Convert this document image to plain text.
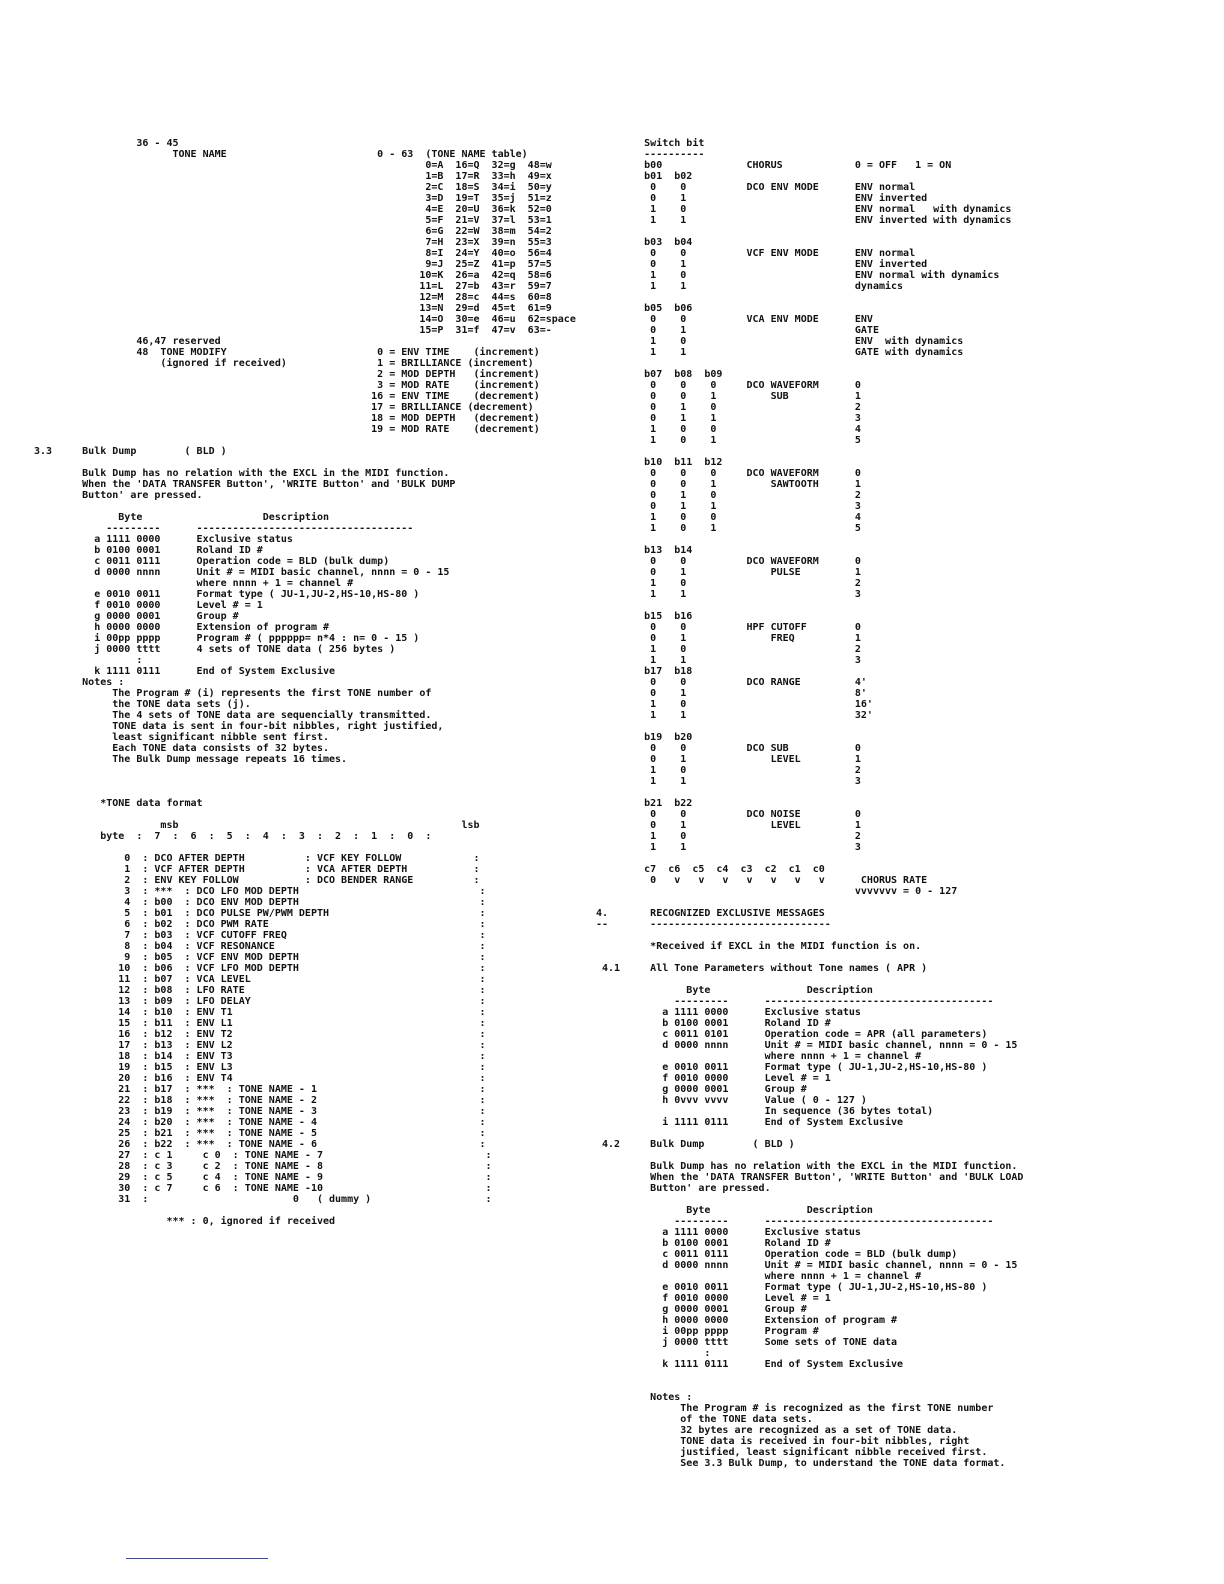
36 - 45
TONE NAME                         0 - 63  (TONE NAME table)
0=A  16=Q  32=g  48=w
1=B  17=R  33=h  49=x
2=C  18=S  34=i  50=y
3=D  19=T  35=j  51=z
4=E  20=U  36=k  52=0
5=F  21=V  37=l  53=1
6=G  22=W  38=m  54=2
7=H  23=X  39=n  55=3
8=I  24=Y  40=o  56=4
9=J  25=Z  41=p  57=5
10=K  26=a  42=q  58=6
11=L  27=b  43=r  59=7
12=M  28=c  44=s  60=8
13=N  29=d  45=t  61=9
14=O  30=e  46=u  62=space
15=P  31=f  47=v  63=-
46,47 reserved
48  TONE MODIFY                         0 = ENV TIME    (increment)
(ignored if received)               1 = BRILLIANCE (increment)
2 = MOD DEPTH   (increment)
3 = MOD RATE    (increment)
16 = ENV TIME    (decrement)
17 = BRILLIANCE (decrement)
18 = MOD DEPTH   (decrement)
19 = MOD RATE    (decrement)

3.3     Bulk Dump        ( BLD )

Bulk Dump has no relation with the EXCL in the MIDI function.
When the 'DATA TRANSFER Button', 'WRITE Button' and 'BULK DUMP
Button' are pressed.

Byte                    Description
---------      ------------------------------------
a 1111 0000      Exclusive status
b 0100 0001      Roland ID #
c 0011 0111      Operation code = BLD (bulk dump)
d 0000 nnnn      Unit # = MIDI basic channel, nnnn = 0 - 15
where nnnn + 1 = channel #
e 0010 0011      Format type ( JU-1,JU-2,HS-10,HS-80 )
f 0010 0000      Level # = 1
g 0000 0001      Group #
h 0000 0000      Extension of program #
i 00pp pppp      Program # ( pppppp= n*4 : n= 0 - 15 )
j 0000 tttt      4 sets of TONE data ( 256 bytes )
:
k 1111 0111      End of System Exclusive
Notes :
The Program # (i) represents the first TONE number of
the TONE data sets (j).
The 4 sets of TONE data are sequencially transmitted.
TONE data is sent in four-bit nibbles, right justified,
least significant nibble sent first.
Each TONE data consists of 32 bytes.
The Bulk Dump message repeats 16 times.

*TONE data format

msb                                               lsb
byte  :  7  :  6  :  5  :  4  :  3  :  2  :  1  :  0  :

0  : DCO AFTER DEPTH          : VCF KEY FOLLOW            :
1  : VCF AFTER DEPTH          : VCA AFTER DEPTH           :
2  : ENV KEY FOLLOW           : DCO BENDER RANGE          :
3  : ***  : DCO LFO MOD DEPTH                              :
4  : b00  : DCO ENV MOD DEPTH                              :
5  : b01  : DCO PULSE PW/PWM DEPTH                         :
6  : b02  : DCO PWM RATE                                   :
7  : b03  : VCF CUTOFF FREQ                                :
8  : b04  : VCF RESONANCE                                  :
9  : b05  : VCF ENV MOD DEPTH                              :
10  : b06  : VCF LFO MOD DEPTH                              :
11  : b07  : VCA LEVEL                                      :
12  : b08  : LFO RATE                                       :
13  : b09  : LFO DELAY                                      :
14  : b10  : ENV T1                                         :
15  : b11  : ENV L1                                         :
16  : b12  : ENV T2                                         :
17  : b13  : ENV L2                                         :
18  : b14  : ENV T3                                         :
19  : b15  : ENV L3                                         :
20  : b16  : ENV T4                                         :
21  : b17  : ***  : TONE NAME - 1                           :
22  : b18  : ***  : TONE NAME - 2                           :
23  : b19  : ***  : TONE NAME - 3                           :
24  : b20  : ***  : TONE NAME - 4                           :
25  : b21  : ***  : TONE NAME - 5                           :
26  : b22  : ***  : TONE NAME - 6                           :
27  : c 1     c 0  : TONE NAME - 7                           :
28  : c 3     c 2  : TONE NAME - 8                           :
29  : c 5     c 4  : TONE NAME - 9                           :
30  : c 7     c 6  : TONE NAME -10                           :
31  :                        0   ( dummy )                   :

*** : 0, ignored if received
Switch bit
----------
b00              CHORUS            0 = OFF   1 = ON
b01  b02
0    0          DCO ENV MODE      ENV normal
0    1                            ENV inverted
1    0                            ENV normal   with dynamics
1    1                            ENV inverted with dynamics

b03  b04
0    0          VCF ENV MODE      ENV normal
0    1                            ENV inverted
1    0                            ENV normal with dynamics
1    1                            dynamics

b05  b06
0    0          VCA ENV MODE      ENV
0    1                            GATE
1    0                            ENV  with dynamics
1    1                            GATE with dynamics

b07  b08  b09
0    0    0     DCO WAVEFORM      0
0    0    1         SUB           1
0    1    0                       2
0    1    1                       3
1    0    0                       4
1    0    1                       5

b10  b11  b12
0    0    0     DCO WAVEFORM      0
0    0    1         SAWTOOTH      1
0    1    0                       2
0    1    1                       3
1    0    0                       4
1    0    1                       5

b13  b14
0    0          DCO WAVEFORM      0
0    1              PULSE         1
1    0                            2
1    1                            3

b15  b16
0    0          HPF CUTOFF        0
0    1              FREQ          1
1    0                            2
1    1                            3
b17  b18
0    0          DCO RANGE         4'
0    1                            8'
1    0                            16'
1    1                            32'

b19  b20
0    0          DCO SUB           0
0    1              LEVEL         1
1    0                            2
1    1                            3

b21  b22
0    0          DCO NOISE         0
0    1              LEVEL         1
1    0                            2
1    1                            3

c7  c6  c5  c4  c3  c2  c1  c0
0   v   v   v   v   v   v   v      CHORUS RATE
vvvvvvv = 0 - 127

4.       RECOGNIZED EXCLUSIVE MESSAGES
--       ------------------------------

*Received if EXCL in the MIDI function is on.

4.1     All Tone Parameters without Tone names ( APR )

Byte                Description
---------      --------------------------------------
a 1111 0000      Exclusive status
b 0100 0001      Roland ID #
c 0011 0101      Operation code = APR (all parameters)
d 0000 nnnn      Unit # = MIDI basic channel, nnnn = 0 - 15
where nnnn + 1 = channel #
e 0010 0011      Format type ( JU-1,JU-2,HS-10,HS-80 )
f 0010 0000      Level # = 1
g 0000 0001      Group #
h 0vvv vvvv      Value ( 0 - 127 )
In sequence (36 bytes total)
i 1111 0111      End of System Exclusive

4.2     Bulk Dump        ( BLD )

Bulk Dump has no relation with the EXCL in the MIDI function.
When the 'DATA TRANSFER Button', 'WRITE Button' and 'BULK LOAD
Button' are pressed.

Byte                Description
---------      --------------------------------------
a 1111 0000      Exclusive status
b 0100 0001      Roland ID #
c 0011 0111      Operation code = BLD (bulk dump)
d 0000 nnnn      Unit # = MIDI basic channel, nnnn = 0 - 15
where nnnn + 1 = channel #
e 0010 0011      Format type ( JU-1,JU-2,HS-10,HS-80 )
f 0010 0000      Level # = 1
g 0000 0001      Group #
h 0000 0000      Extension of program #
i 00pp pppp      Program #
j 0000 tttt      Some sets of TONE data
:
k 1111 0111      End of System Exclusive

Notes :
The Program # is recognized as the first TONE number
of the TONE data sets.
32 bytes are recognized as a set of TONE data.
TONE data is received in four-bit nibbles, right
justified, least significant nibble received first.
See 3.3 Bulk Dump, to understand the TONE data format.
